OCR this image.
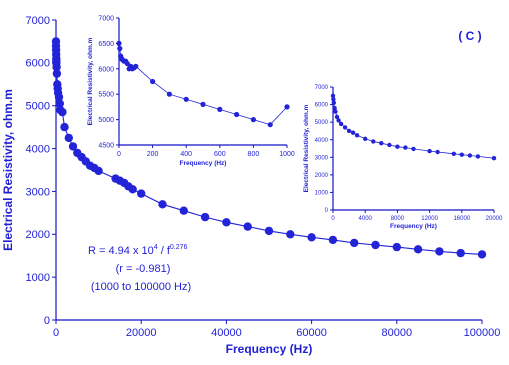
0	20000	40000	60000	80000	100000
0
1000
2000
3000
4000
5000
6000
7000
Frequency (Hz)
Electrical Resistivity, ohm.m	0	200	400	600	800	1000
4500
5000
5500
6000
6500
7000
Frequency (Hz)
Electrical Resistivity, ohm.m
0	4000	8000	12000	16000	20000
0
1000
2000
3000
4000
5000
6000
7000
Frequency (Hz)
Electrical Resistivity, ohm.m
( C )
R = 4.94 x $10^4 / f^{0.276}$
(r = -0.981)
(1000 to 100000 Hz)
